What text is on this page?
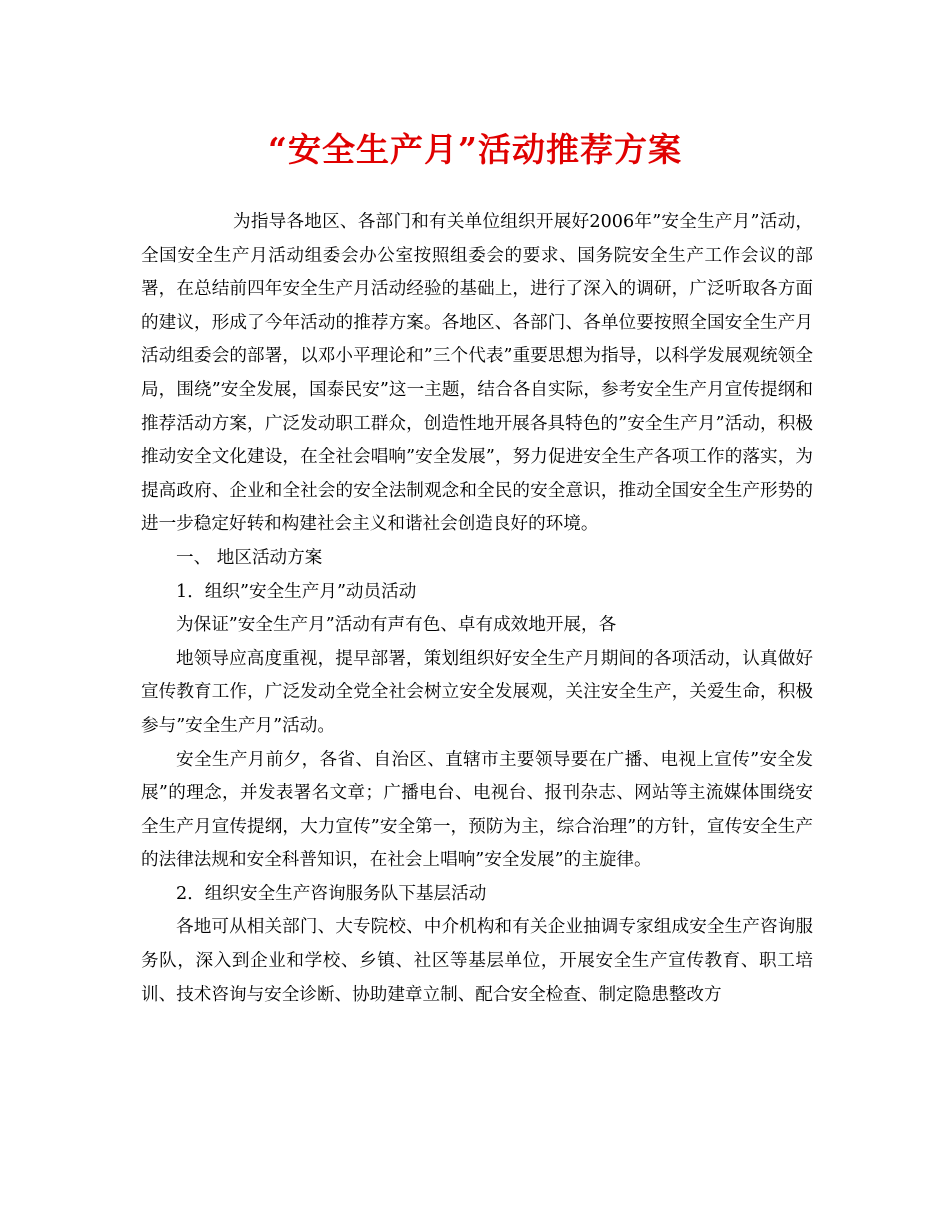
“安全生产月”活动推荐方案

为指导各地区、各部门和有关单位组织开展好2006年”安全生产月”活动，全国安全生产月活动组委会办公室按照组委会的要求、国务院安全生产工作会议的部署，在总结前四年安全生产月活动经验的基础上，进行了深入的调研，广泛听取各方面的建议，形成了今年活动的推荐方案。各地区、各部门、各单位要按照全国安全生产月活动组委会的部署，以邓小平理论和”三个代表”重要思想为指导，以科学发展观统领全局，围绕”安全发展，国泰民安”这一主题，结合各自实际，参考安全生产月宣传提纲和推荐活动方案，广泛发动职工群众，创造性地开展各具特色的”安全生产月”活动，积极推动安全文化建设，在全社会唱响”安全发展”，努力促进安全生产各项工作的落实，为提高政府、企业和全社会的安全法制观念和全民的安全意识，推动全国安全生产形势的进一步稳定好转和构建社会主义和谐社会创造良好的环境。

一、 地区活动方案

1．组织”安全生产月”动员活动

为保证”安全生产月”活动有声有色、卓有成效地开展，各

地领导应高度重视，提早部署，策划组织好安全生产月期间的各项活动，认真做好宣传教育工作，广泛发动全党全社会树立安全发展观，关注安全生产，关爱生命，积极参与”安全生产月”活动。

安全生产月前夕，各省、自治区、直辖市主要领导要在广播、电视上宣传”安全发展”的理念，并发表署名文章；广播电台、电视台、报刊杂志、网站等主流媒体围绕安全生产月宣传提纲，大力宣传”安全第一，预防为主，综合治理”的方针，宣传安全生产的法律法规和安全科普知识，在社会上唱响”安全发展”的主旋律。

2．组织安全生产咨询服务队下基层活动

各地可从相关部门、大专院校、中介机构和有关企业抽调专家组成安全生产咨询服务队，深入到企业和学校、乡镇、社区等基层单位，开展安全生产宣传教育、职工培训、技术咨询与安全诊断、协助建章立制、配合安全检查、制定隐患整改方
